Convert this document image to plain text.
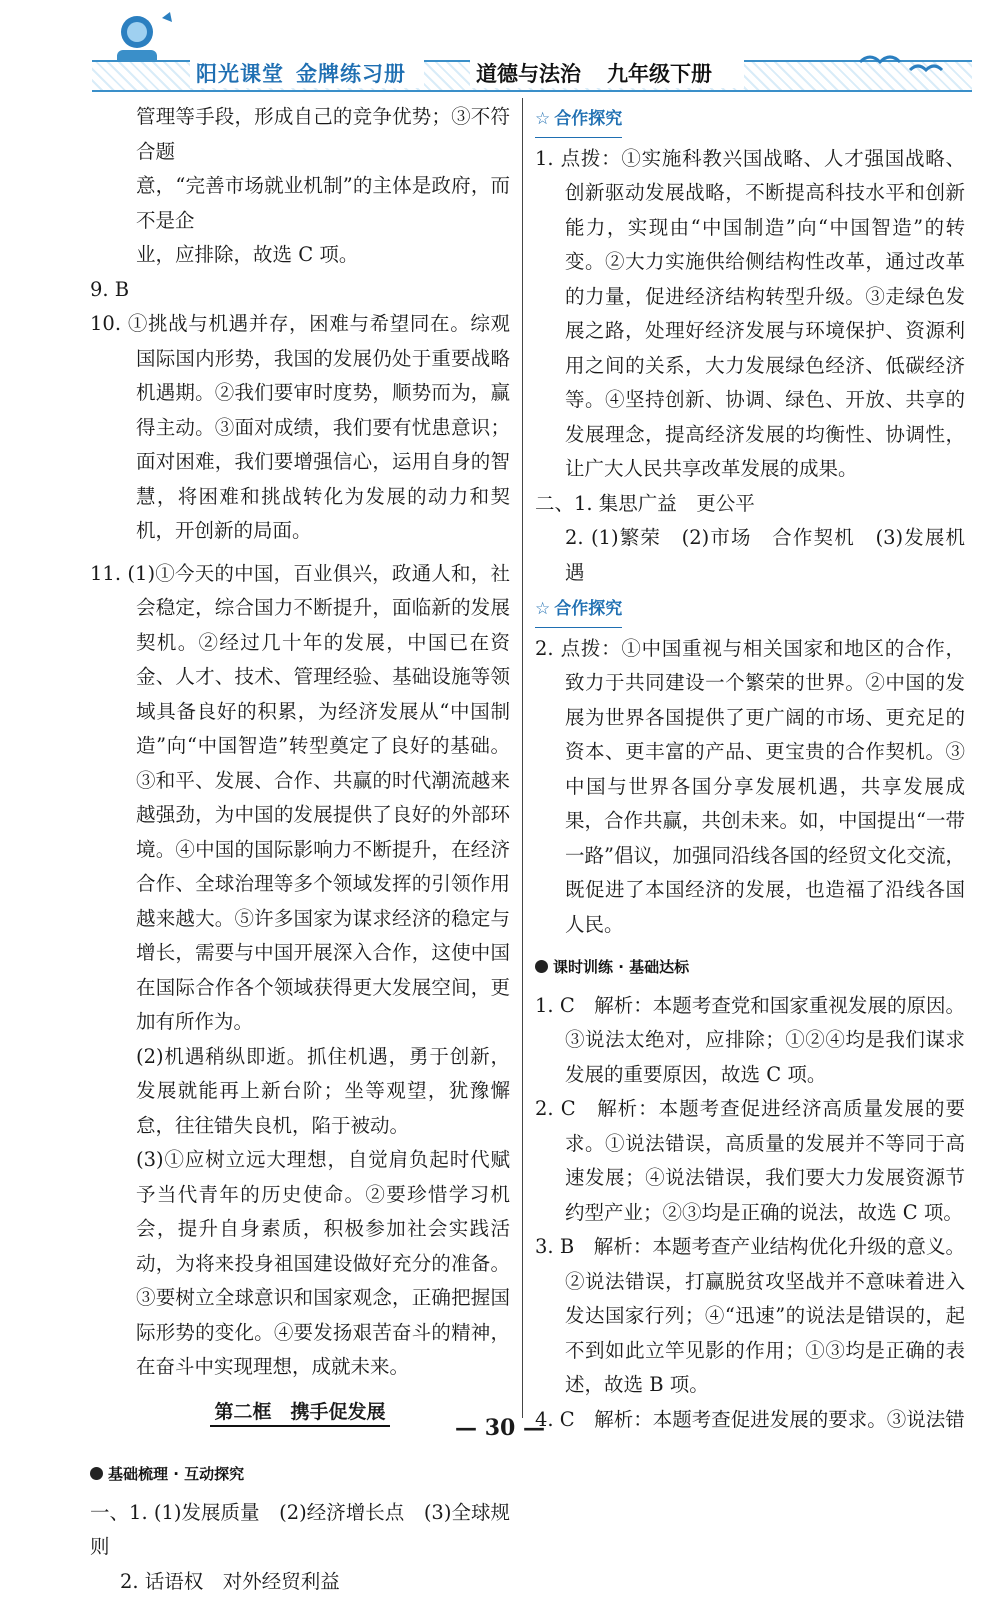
阳光课堂 金牌练习册	道德与法治 九年级下册

管理等手段，形成自己的竞争优势；③不符合题

意，“完善市场就业机制”的主体是政府，而不是企

业，应排除，故选 C 项。

9. B

10. ①挑战与机遇并存，困难与希望同在。综观国际国内形势，我国的发展仍处于重要战略机遇期。②我们要审时度势，顺势而为，赢得主动。③面对成绩，我们要有忧患意识；面对困难，我们要增强信心，运用自身的智慧，将困难和挑战转化为发展的动力和契机，开创新的局面。

11. (1)①今天的中国，百业俱兴，政通人和，社会稳定，综合国力不断提升，面临新的发展契机。②经过几十年的发展，中国已在资金、人才、技术、管理经验、基础设施等领域具备良好的积累，为经济发展从“中国制造”向“中国智造”转型奠定了良好的基础。③和平、发展、合作、共赢的时代潮流越来越强劲，为中国的发展提供了良好的外部环境。④中国的国际影响力不断提升，在经济合作、全球治理等多个领域发挥的引领作用越来越大。⑤许多国家为谋求经济的稳定与增长，需要与中国开展深入合作，这使中国在国际合作各个领域获得更大发展空间，更加有所作为。

(2)机遇稍纵即逝。抓住机遇，勇于创新，发展就能再上新台阶；坐等观望，犹豫懈怠，往往错失良机，陷于被动。

(3)①应树立远大理想，自觉肩负起时代赋予当代青年的历史使命。②要珍惜学习机会，提升自身素质，积极参加社会实践活动，为将来投身祖国建设做好充分的准备。③要树立全球意识和国家观念，正确把握国际形势的变化。④要发扬艰苦奋斗的精神，在奋斗中实现理想，成就未来。

第二框　携手促发展
基础梳理 · 互动探究

一、1. (1)发展质量　(2)经济增长点　(3)全球规则

2. 话语权　对外经贸利益

☆ 合作探究

1. 点拨：①实施科教兴国战略、人才强国战略、创新驱动发展战略，不断提高科技水平和创新能力，实现由“中国制造”向“中国智造”的转变。②大力实施供给侧结构性改革，通过改革的力量，促进经济结构转型升级。③走绿色发展之路，处理好经济发展与环境保护、资源利用之间的关系，大力发展绿色经济、低碳经济等。④坚持创新、协调、绿色、开放、共享的发展理念，提高经济发展的均衡性、协调性，让广大人民共享改革发展的成果。

二、1. 集思广益　更公平

2. (1)繁荣　(2)市场　合作契机　(3)发展机遇

☆ 合作探究

2. 点拨：①中国重视与相关国家和地区的合作，致力于共同建设一个繁荣的世界。②中国的发展为世界各国提供了更广阔的市场、更充足的资本、更丰富的产品、更宝贵的合作契机。③中国与世界各国分享发展机遇，共享发展成果，合作共赢，共创未来。如，中国提出“一带一路”倡议，加强同沿线各国的经贸文化交流，既促进了本国经济的发展，也造福了沿线各国人民。

课时训练 · 基础达标

1. C　解析：本题考查党和国家重视发展的原因。③说法太绝对，应排除；①②④均是我们谋求发展的重要原因，故选 C 项。

2. C　解析：本题考查促进经济高质量发展的要求。①说法错误，高质量的发展并不等同于高速发展；④说法错误，我们要大力发展资源节约型产业；②③均是正确的说法，故选 C 项。

3. B　解析：本题考查产业结构优化升级的意义。②说法错误，打赢脱贫攻坚战并不意味着进入发达国家行列；④“迅速”的说法是错误的，起不到如此立竿见影的作用；①③均是正确的表述，故选 B 项。

4. C　解析：本题考查促进发展的要求。③说法错

— 30 —
